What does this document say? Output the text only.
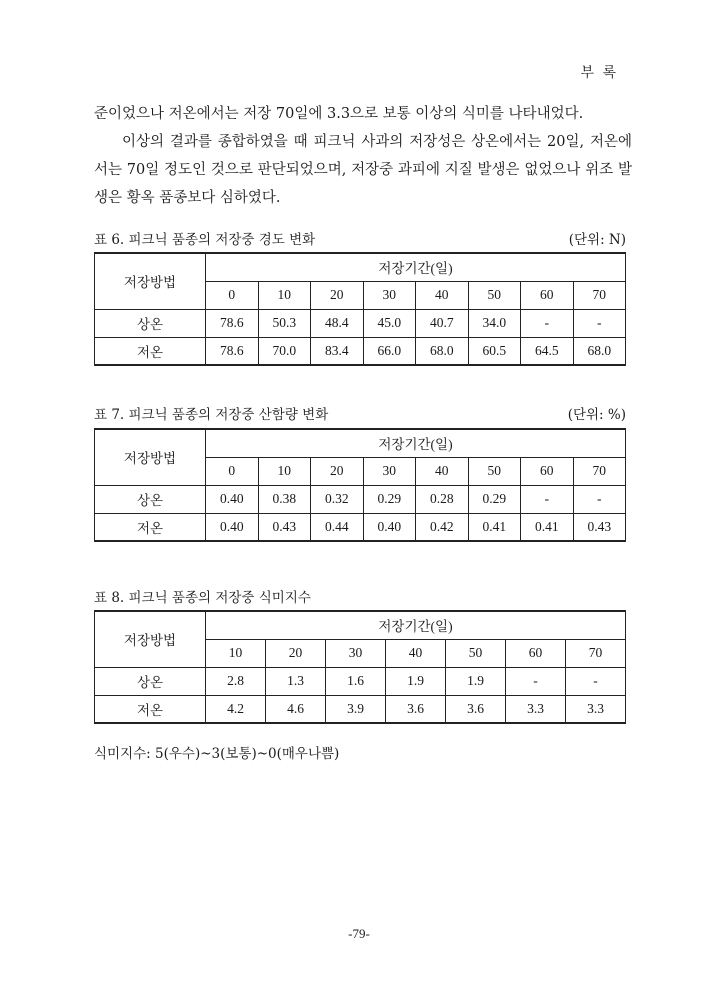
부 록

준이었으나 저온에서는 저장 70일에 3.3으로 보통 이상의 식미를 나타내었다.

이상의 결과를 종합하였을 때 피크닉 사과의 저장성은 상온에서는 20일, 저온에서는 70일 정도인 것으로 판단되었으며, 저장중 과피에 지질 발생은 없었으나 위조 발생은 황옥 품종보다 심하였다.

표 6. 피크닉 품종의 저장중 경도 변화	(단위: N)
저장방법	저장기간(일)							
	0	10	20	30	40	50	60	70
상온	78.6	50.3	48.4	45.0	40.7	34.0	-	-
저온	78.6	70.0	83.4	66.0	68.0	60.5	64.5	68.0
표 7. 피크닉 품종의 저장중 산함량 변화	(단위: %)
저장방법	저장기간(일)							
	0	10	20	30	40	50	60	70
상온	0.40	0.38	0.32	0.29	0.28	0.29	-	-
저온	0.40	0.43	0.44	0.40	0.42	0.41	0.41	0.43
표 8. 피크닉 품종의 저장중 식미지수
저장방법	저장기간(일)						
	10	20	30	40	50	60	70
상온	2.8	1.3	1.6	1.9	1.9	-	-
저온	4.2	4.6	3.9	3.6	3.6	3.3	3.3
식미지수: 5(우수)~3(보통)~0(매우나쁨)
-79-
